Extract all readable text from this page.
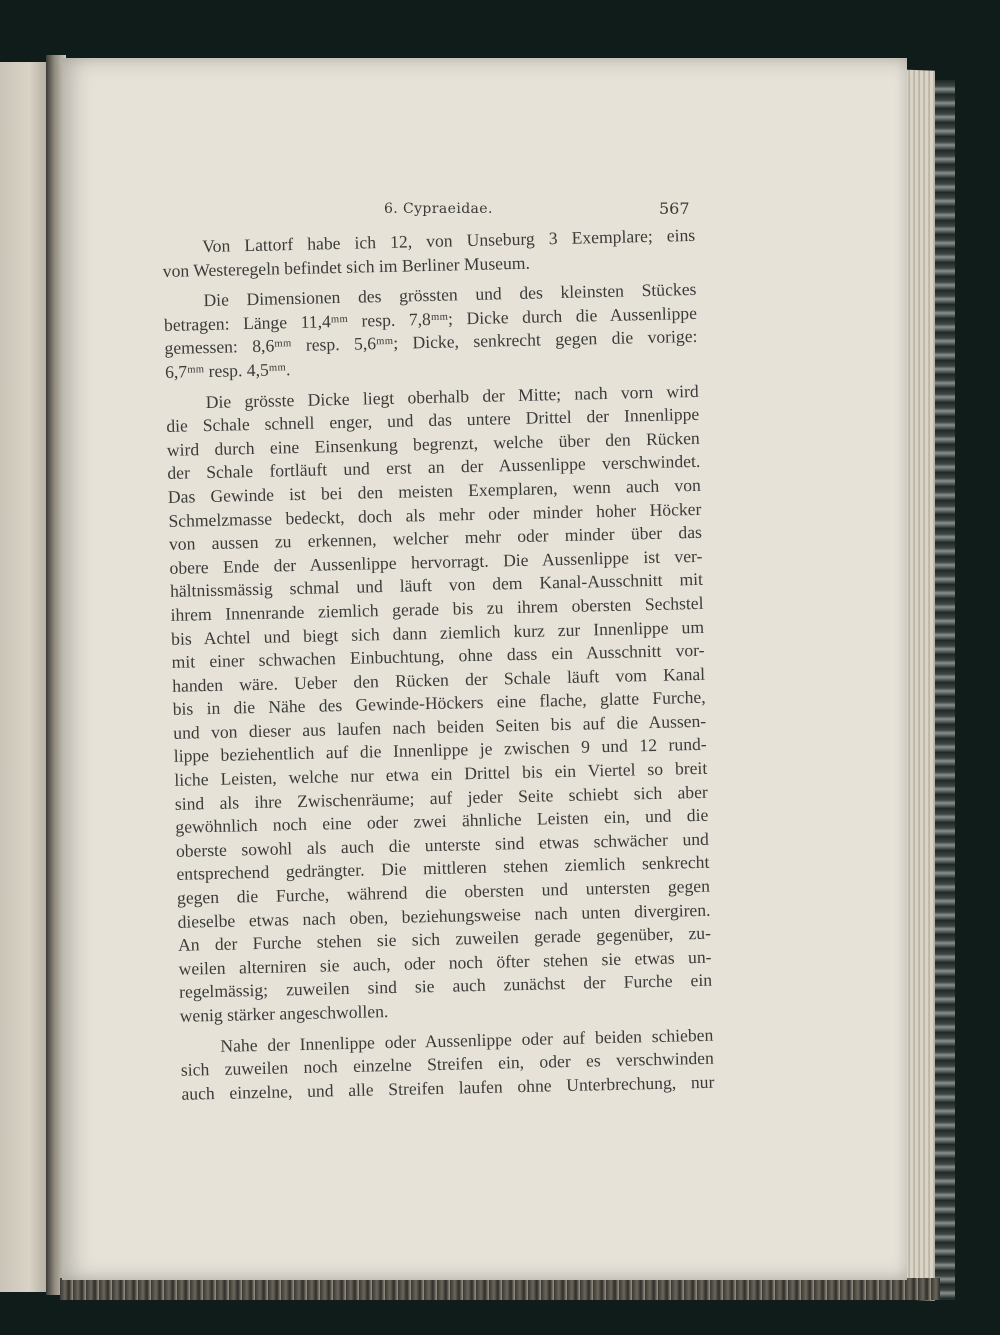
6. Cypraeidae.	567
Von Lattorf habe ich 12, von Unseburg 3 Exemplare; eins
von Westeregeln befindet sich im Berliner Museum.
Die Dimensionen des grössten und des kleinsten Stückes
betragen: Länge 11,4ᵐᵐ resp. 7,8ᵐᵐ; Dicke durch die Aussenlippe
gemessen: 8,6ᵐᵐ resp. 5,6ᵐᵐ; Dicke, senkrecht gegen die vorige:
6,7ᵐᵐ resp. 4,5ᵐᵐ.
Die grösste Dicke liegt oberhalb der Mitte; nach vorn wird
die Schale schnell enger, und das untere Drittel der Innenlippe
wird durch eine Einsenkung begrenzt, welche über den Rücken
der Schale fortläuft und erst an der Aussenlippe verschwindet.
Das Gewinde ist bei den meisten Exemplaren, wenn auch von
Schmelzmasse bedeckt, doch als mehr oder minder hoher Höcker
von aussen zu erkennen, welcher mehr oder minder über das
obere Ende der Aussenlippe hervorragt. Die Aussenlippe ist ver-
hältnissmässig schmal und läuft von dem Kanal-Ausschnitt mit
ihrem Innenrande ziemlich gerade bis zu ihrem obersten Sechstel
bis Achtel und biegt sich dann ziemlich kurz zur Innenlippe um
mit einer schwachen Einbuchtung, ohne dass ein Ausschnitt vor-
handen wäre. Ueber den Rücken der Schale läuft vom Kanal
bis in die Nähe des Gewinde-Höckers eine flache, glatte Furche,
und von dieser aus laufen nach beiden Seiten bis auf die Aussen-
lippe beziehentlich auf die Innenlippe je zwischen 9 und 12 rund-
liche Leisten, welche nur etwa ein Drittel bis ein Viertel so breit
sind als ihre Zwischenräume; auf jeder Seite schiebt sich aber
gewöhnlich noch eine oder zwei ähnliche Leisten ein, und die
oberste sowohl als auch die unterste sind etwas schwächer und
entsprechend gedrängter. Die mittleren stehen ziemlich senkrecht
gegen die Furche, während die obersten und untersten gegen
dieselbe etwas nach oben, beziehungsweise nach unten divergiren.
An der Furche stehen sie sich zuweilen gerade gegenüber, zu-
weilen alterniren sie auch, oder noch öfter stehen sie etwas un-
regelmässig; zuweilen sind sie auch zunächst der Furche ein
wenig stärker angeschwollen.
Nahe der Innenlippe oder Aussenlippe oder auf beiden schieben
sich zuweilen noch einzelne Streifen ein, oder es verschwinden
auch einzelne, und alle Streifen laufen ohne Unterbrechung, nur
